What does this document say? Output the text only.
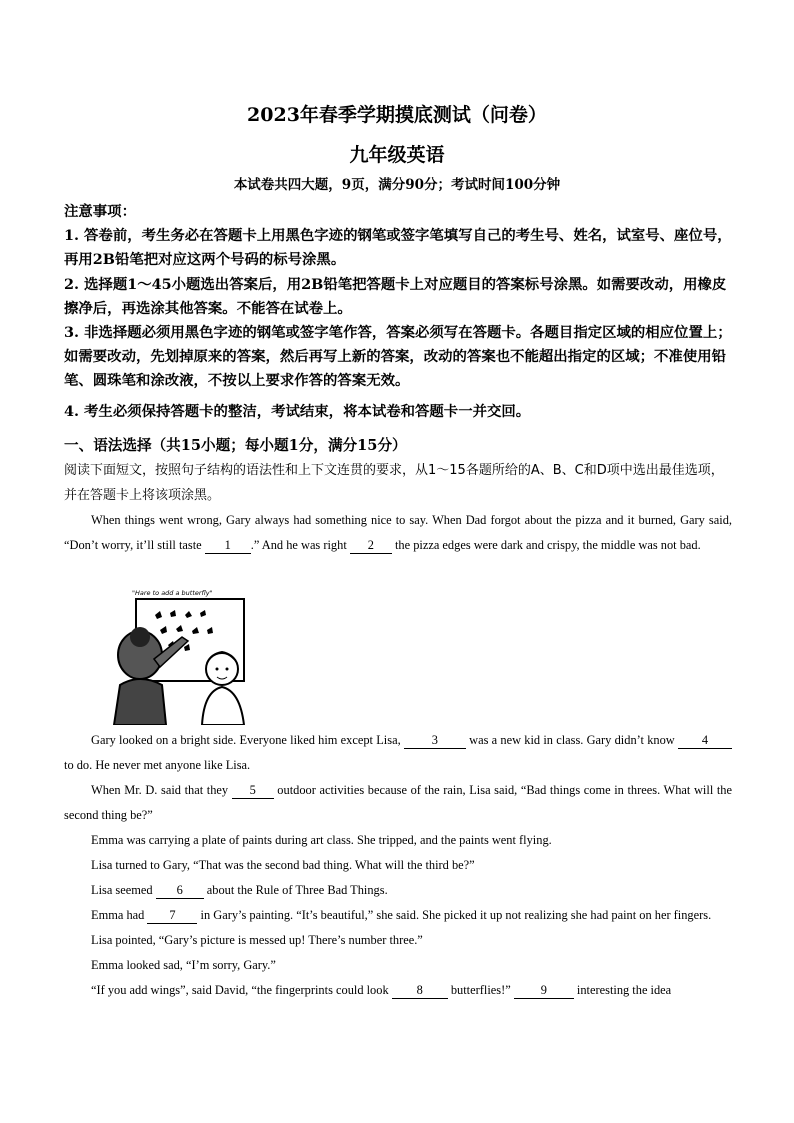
2023年春季学期摸底测试（问卷）
九年级英语
本试卷共四大题，9页，满分90分；考试时间100分钟

注意事项：

1. 答卷前，考生务必在答题卡上用黑色字迹的钢笔或签字笔填写自己的考生号、姓名，试室号、座位号，再用2B铅笔把对应这两个号码的标号涂黑。

2. 选择题1～45小题选出答案后，用2B铅笔把答题卡上对应题目的答案标号涂黑。如需要改动，用橡皮擦净后，再选涂其他答案。不能答在试卷上。

3. 非选择题必须用黑色字迹的钢笔或签字笔作答，答案必须写在答题卡。各题目指定区域的相应位置上；如需要改动，先划掉原来的答案，然后再写上新的答案，改动的答案也不能超出指定的区域；不准使用铅笔、圆珠笔和涂改液，不按以上要求作答的答案无效。

4. 考生必须保持答题卡的整洁，考试结束，将本试卷和答题卡一并交回。

一、语法选择（共15小题；每小题1分，满分15分）
阅读下面短文，按照句子结构的语法性和上下文连贯的要求，从1～15各题所给的A、B、C和D项中选出最佳选项，并在答题卡上将该项涂黑。

When things went wrong, Gary always had something nice to say. When Dad forgot about the pizza and it burned, Gary said, “Don’t worry, it’ll still taste 1 .” And he was right 2 the pizza edges were dark and crispy, the middle was not bad.

"Hare to add a butterfly"

Gary looked on a bright side. Everyone liked him except Lisa, 3 was a new kid in class. Gary didn’t know 4 to do. He never met anyone like Lisa.

When Mr. D. said that they 5 outdoor activities because of the rain, Lisa said, “Bad things come in threes. What will the second thing be?”

Emma was carrying a plate of paints during art class. She tripped, and the paints went flying.

Lisa turned to Gary, “That was the second bad thing. What will the third be?”

Lisa seemed 6 about the Rule of Three Bad Things.

Emma had 7 in Gary’s painting. “It’s beautiful,” she said. She picked it up not realizing she had paint on her fingers.

Lisa pointed, “Gary’s picture is messed up! There’s number three.”

Emma looked sad, “I’m sorry, Gary.”

“If you add wings”, said David, “the fingerprints could look 8 butterflies!” 9 interesting the idea
